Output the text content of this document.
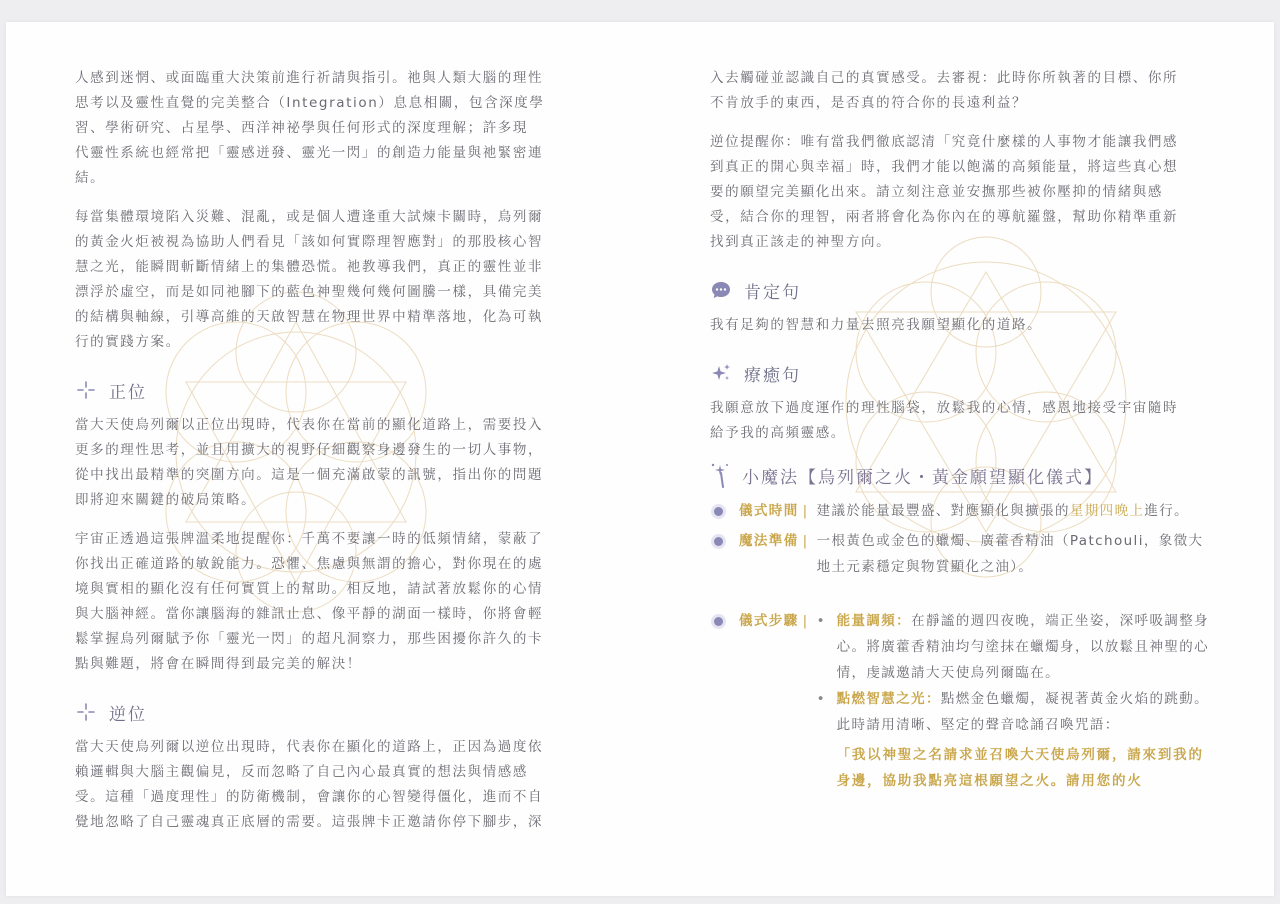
人感到迷惘、或面臨重大決策前進行祈請與指引。祂與人類大腦的理性
思考以及靈性直覺的完美整合（Integration）息息相關，包含深度學
習、學術研究、占星學、西洋神祕學與任何形式的深度理解；許多現
代靈性系統也經常把「靈感迸發、靈光一閃」的創造力能量與祂緊密連
結。

每當集體環境陷入災難、混亂，或是個人遭逢重大試煉卡關時，烏列爾
的黃金火炬被視為協助人們看見「該如何實際理智應對」的那股核心智
慧之光，能瞬間斬斷情緒上的集體恐慌。祂教導我們，真正的靈性並非
漂浮於虛空，而是如同祂腳下的藍色神聖幾何幾何圖騰一樣，具備完美
的結構與軸線，引導高維的天啟智慧在物理世界中精準落地，化為可執
行的實踐方案。

正位

當大天使烏列爾以正位出現時，代表你在當前的顯化道路上，需要投入
更多的理性思考，並且用擴大的視野仔細觀察身邊發生的一切人事物，
從中找出最精準的突圍方向。這是一個充滿啟蒙的訊號，指出你的問題
即將迎來關鍵的破局策略。

宇宙正透過這張牌溫柔地提醒你：千萬不要讓一時的低頻情緒，蒙蔽了
你找出正確道路的敏銳能力。恐懼、焦慮與無謂的擔心，對你現在的處
境與實相的顯化沒有任何實質上的幫助。相反地，請試著放鬆你的心情
與大腦神經。當你讓腦海的雜訊止息、像平靜的湖面一樣時，你將會輕
鬆掌握烏列爾賦予你「靈光一閃」的超凡洞察力，那些困擾你許久的卡
點與難題，將會在瞬間得到最完美的解決！

逆位

當大天使烏列爾以逆位出現時，代表你在顯化的道路上，正因為過度依
賴邏輯與大腦主觀偏見，反而忽略了自己內心最真實的想法與情感感
受。這種「過度理性」的防衛機制，會讓你的心智變得僵化，進而不自
覺地忽略了自己靈魂真正底層的需要。這張牌卡正邀請你停下腳步，深

入去觸碰並認識自己的真實感受。去審視：此時你所執著的目標、你所
不肯放手的東西，是否真的符合你的長遠利益？

逆位提醒你：唯有當我們徹底認清「究竟什麼樣的人事物才能讓我們感
到真正的開心與幸福」時，我們才能以飽滿的高頻能量，將這些真心想
要的願望完美顯化出來。請立刻注意並安撫那些被你壓抑的情緒與感
受，結合你的理智，兩者將會化為你內在的導航羅盤，幫助你精準重新
找到真正該走的神聖方向。

肯定句

我有足夠的智慧和力量去照亮我願望顯化的道路。

療癒句

我願意放下過度運作的理性腦袋，放鬆我的心情，感恩地接受宇宙隨時
給予我的高頻靈感。

小魔法【烏列爾之火・黃金願望顯化儀式】
儀式時間 | 建議於能量最豐盛、對應顯化與擴張的星期四晚上進行。
魔法準備 | 一根黃色或金色的蠟燭、廣藿香精油（Patchouli，象徵大地土元素穩定與物質顯化之油）。
儀式步驟 | • 能量調頻：在靜謐的週四夜晚，端正坐姿，深呼吸調整身心。將廣藿香精油均勻塗抹在蠟燭身，以放鬆且神聖的心情，虔誠邀請大天使烏列爾臨在。
• 點燃智慧之光：點燃金色蠟燭，凝視著黃金火焰的跳動。此時請用清晰、堅定的聲音唸誦召喚咒語：
「我以神聖之名請求並召喚大天使烏列爾，請來到我的身邊，協助我點亮這根願望之火。請用您的火
